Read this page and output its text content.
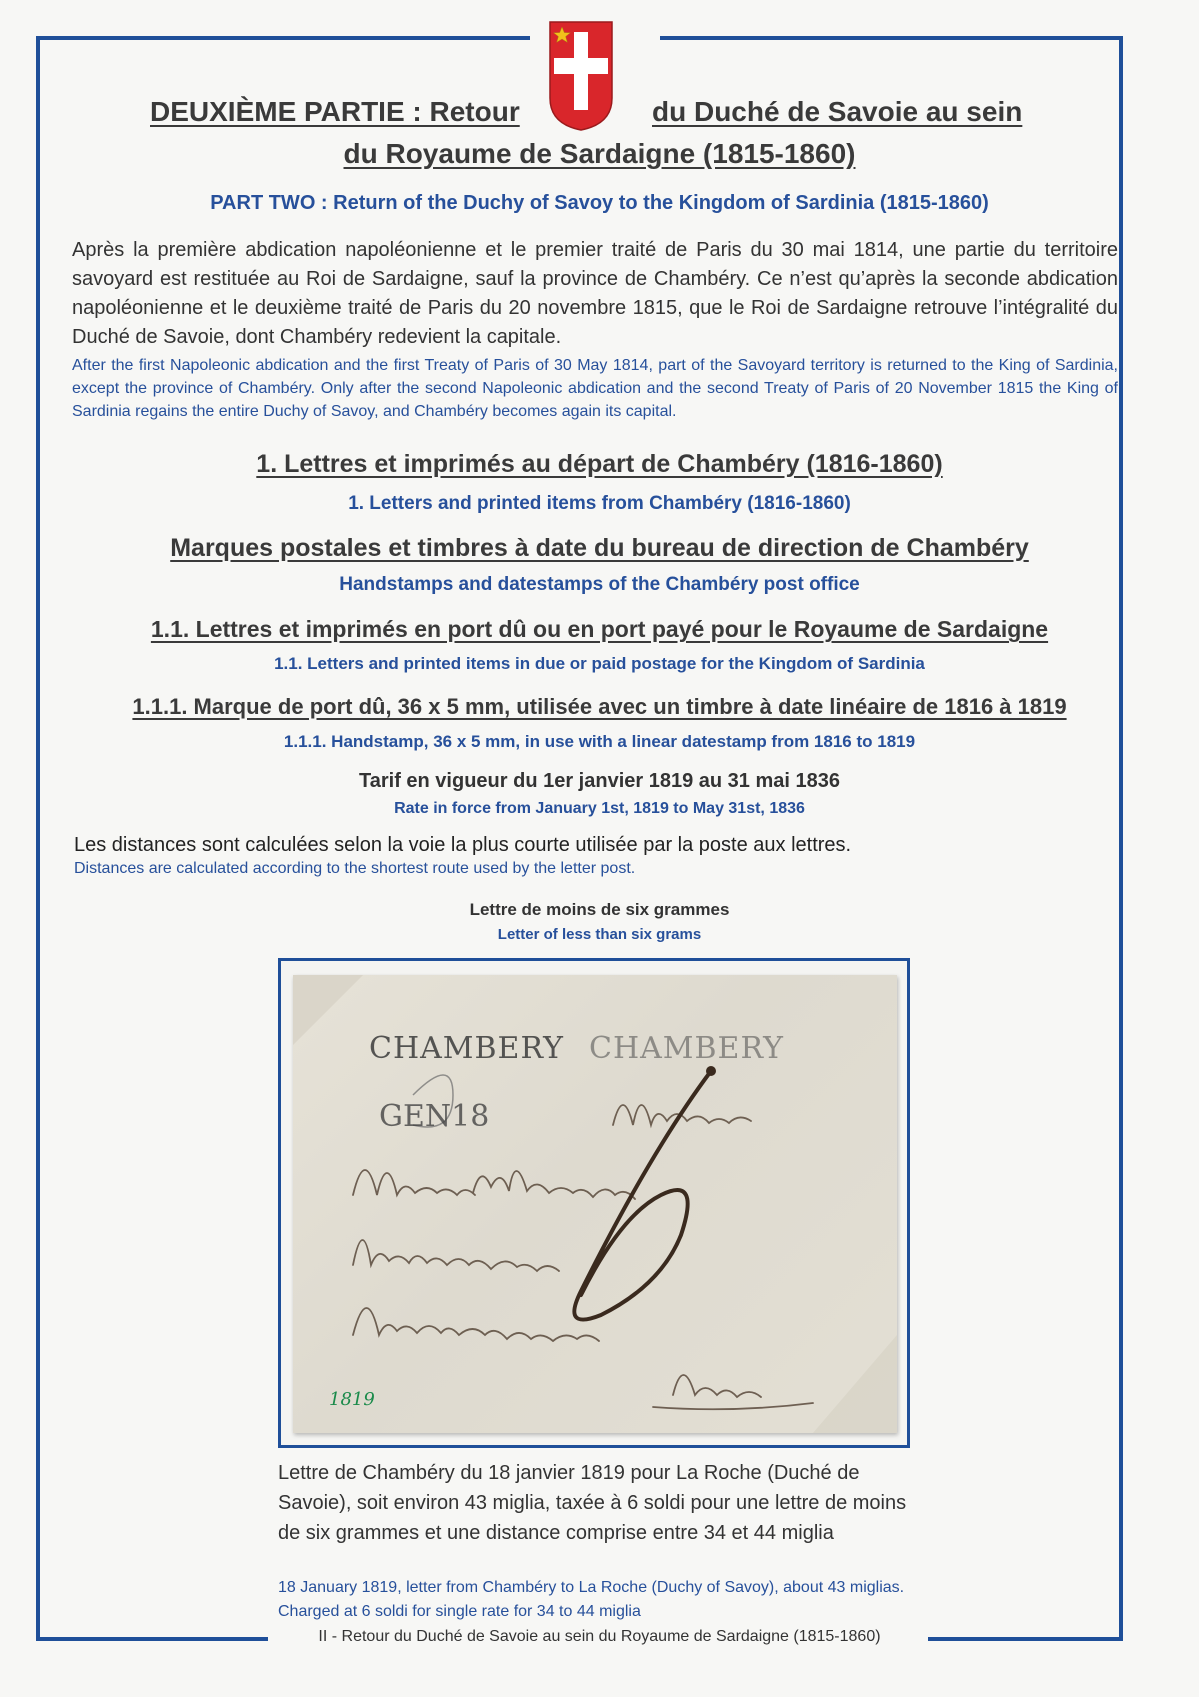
DEUXIÈME PARTIE : Retour	du Duché de Savoie au sein
du Royaume de Sardaigne (1815-1860)
PART TWO : Return of the Duchy of Savoy to the Kingdom of Sardinia (1815-1860)
Après la première abdication napoléonienne et le premier traité de Paris du 30 mai 1814, une partie du territoire savoyard est restituée au Roi de Sardaigne, sauf la province de Chambéry. Ce n’est qu’après la seconde abdication napoléonienne et le deuxième traité de Paris du 20 novembre 1815, que le Roi de Sardaigne retrouve l’intégralité du Duché de Savoie, dont Chambéry redevient la capitale.
After the first Napoleonic abdication and the first Treaty of Paris of 30 May 1814, part of the Savoyard territory is returned to the King of Sardinia, except the province of Chambéry. Only after the second Napoleonic abdication and the second Treaty of Paris of 20 November 1815 the King of Sardinia regains the entire Duchy of Savoy, and Chambéry becomes again its capital.
1. Lettres et imprimés au départ de Chambéry (1816-1860)
1. Letters and printed items from Chambéry (1816-1860)
Marques postales et timbres à date du bureau de direction de Chambéry
Handstamps and datestamps of the Chambéry post office
1.1. Lettres et imprimés en port dû ou en port payé pour le Royaume de Sardaigne
1.1. Letters and printed items in due or paid postage for the Kingdom of Sardinia
1.1.1. Marque de port dû, 36 x 5 mm, utilisée avec un timbre à date linéaire de 1816 à 1819
1.1.1. Handstamp, 36 x 5 mm, in use with a linear datestamp from 1816 to 1819
Tarif en vigueur du 1er janvier 1819 au 31 mai 1836
Rate in force from January 1st, 1819 to May 31st, 1836
Les distances sont calculées selon la voie la plus courte utilisée par la poste aux lettres.
Distances are calculated according to the shortest route used by the letter post.
Lettre de moins de six grammes
Letter of less than six grams
CHAMBERY CHAMBERY
GEN18
1819
Lettre de Chambéry du 18 janvier 1819 pour La Roche (Duché de Savoie), soit environ 43 miglia, taxée à 6 soldi pour une lettre de moins de six grammes et une distance comprise entre 34 et 44 miglia
18 January 1819, letter from Chambéry to La Roche (Duchy of Savoy), about 43 miglias. Charged at 6 soldi for single rate for 34 to 44 miglia
II - Retour du Duché de Savoie au sein du Royaume de Sardaigne (1815-1860)
